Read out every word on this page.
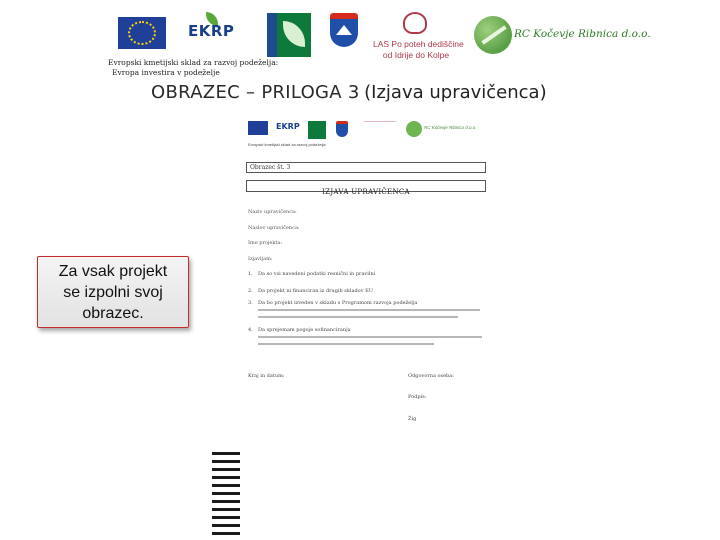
EKRP
LAS Po poteh dediščine
od Idrije do Kolpe
RC Kočevje Ribnica d.o.o.
Evropski kmetijski sklad za razvoj podeželja:
Evropa investira v podeželje
OBRAZEC – PRILOGA 3 (Izjava upravičenca)
EKRP	RC Kočevje Ribnica d.o.o.
Evropski kmetijski sklad za razvoj podeželja
Obrazec št. 3
IZJAVA UPRAVIČENCA
Naziv upravičenca:
Naslov upravičenca:
Ime projekta:
Izjavljam:
1. Da so vsi navedeni podatki resnični in pravilni
2. Da projekt ni financiran iz drugih skladov EU
3. Da bo projekt izveden v skladu s Programom razvoja podeželja
4. Da sprejemam pogoje sofinanciranja
Kraj in datum:	Odgovorna oseba:
Podpis:
Žig
Za vsak projekt
se izpolni svoj
obrazec.
